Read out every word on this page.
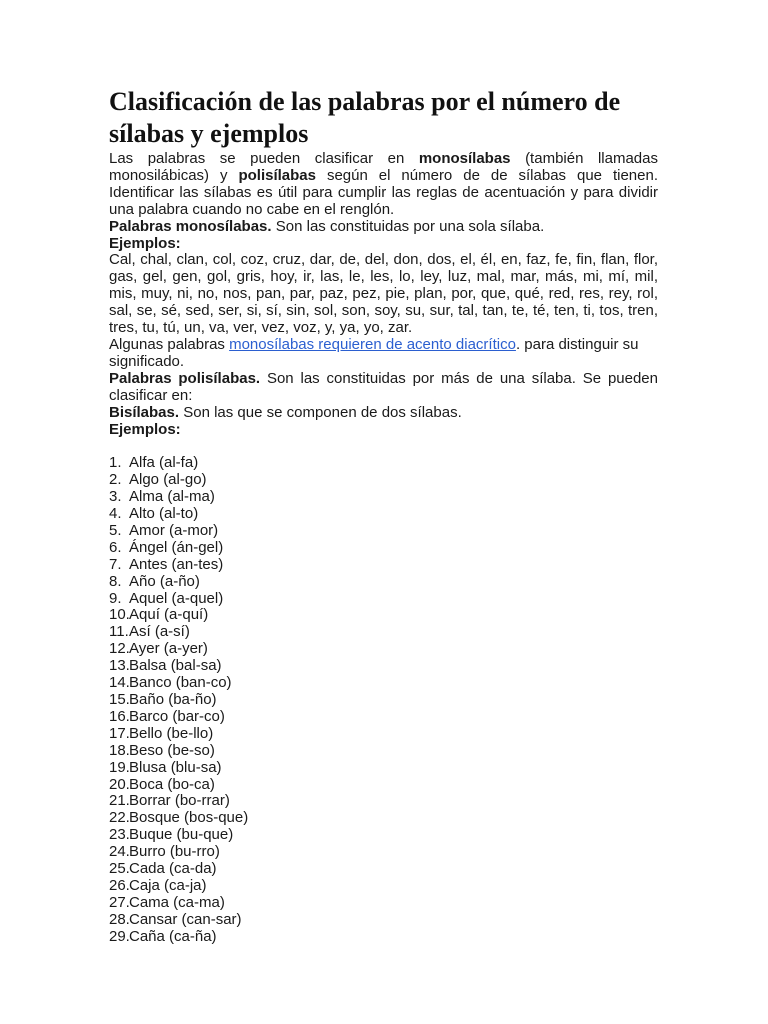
Clasificación de las palabras por el número de sílabas y ejemplos

Las palabras se pueden clasificar en monosílabas (también llamadas monosilábicas) y polisílabas según el número de de sílabas que tienen. Identificar las sílabas es útil para cumplir las reglas de acentuación y para dividir una palabra cuando no cabe en el renglón.

Palabras monosílabas. Son las constituidas por una sola sílaba.

Ejemplos:

Cal, chal, clan, col, coz, cruz, dar, de, del, don, dos, el, él, en, faz, fe, fin, flan, flor, gas, gel, gen, gol, gris, hoy, ir, las, le, les, lo, ley, luz, mal, mar, más, mi, mí, mil, mis, muy, ni, no, nos, pan, par, paz, pez, pie, plan, por, que, qué, red, res, rey, rol, sal, se, sé, sed, ser, si, sí, sin, sol, son, soy, su, sur, tal, tan, te, té, ten, ti, tos, tren, tres, tu, tú, un, va, ver, vez, voz, y, ya, yo, zar.

Algunas palabras monosílabas requieren de acento diacrítico. para distinguir su significado.

Palabras polisílabas. Son las constituidas por más de una sílaba. Se pueden clasificar en:

Bisílabas. Son las que se componen de dos sílabas.

Ejemplos:

1. Alfa (al-fa)
2. Algo (al-go)
3. Alma (al-ma)
4. Alto (al-to)
5. Amor (a-mor)
6. Ángel (án-gel)
7. Antes (an-tes)
8. Año (a-ño)
9. Aquel (a-quel)
10. Aquí (a-quí)
11. Así (a-sí)
12. Ayer (a-yer)
13. Balsa (bal-sa)
14. Banco (ban-co)
15. Baño (ba-ño)
16. Barco (bar-co)
17. Bello (be-llo)
18. Beso (be-so)
19. Blusa (blu-sa)
20. Boca (bo-ca)
21. Borrar (bo-rrar)
22. Bosque (bos-que)
23. Buque (bu-que)
24. Burro (bu-rro)
25. Cada (ca-da)
26. Caja (ca-ja)
27. Cama (ca-ma)
28. Cansar (can-sar)
29. Caña (ca-ña)
